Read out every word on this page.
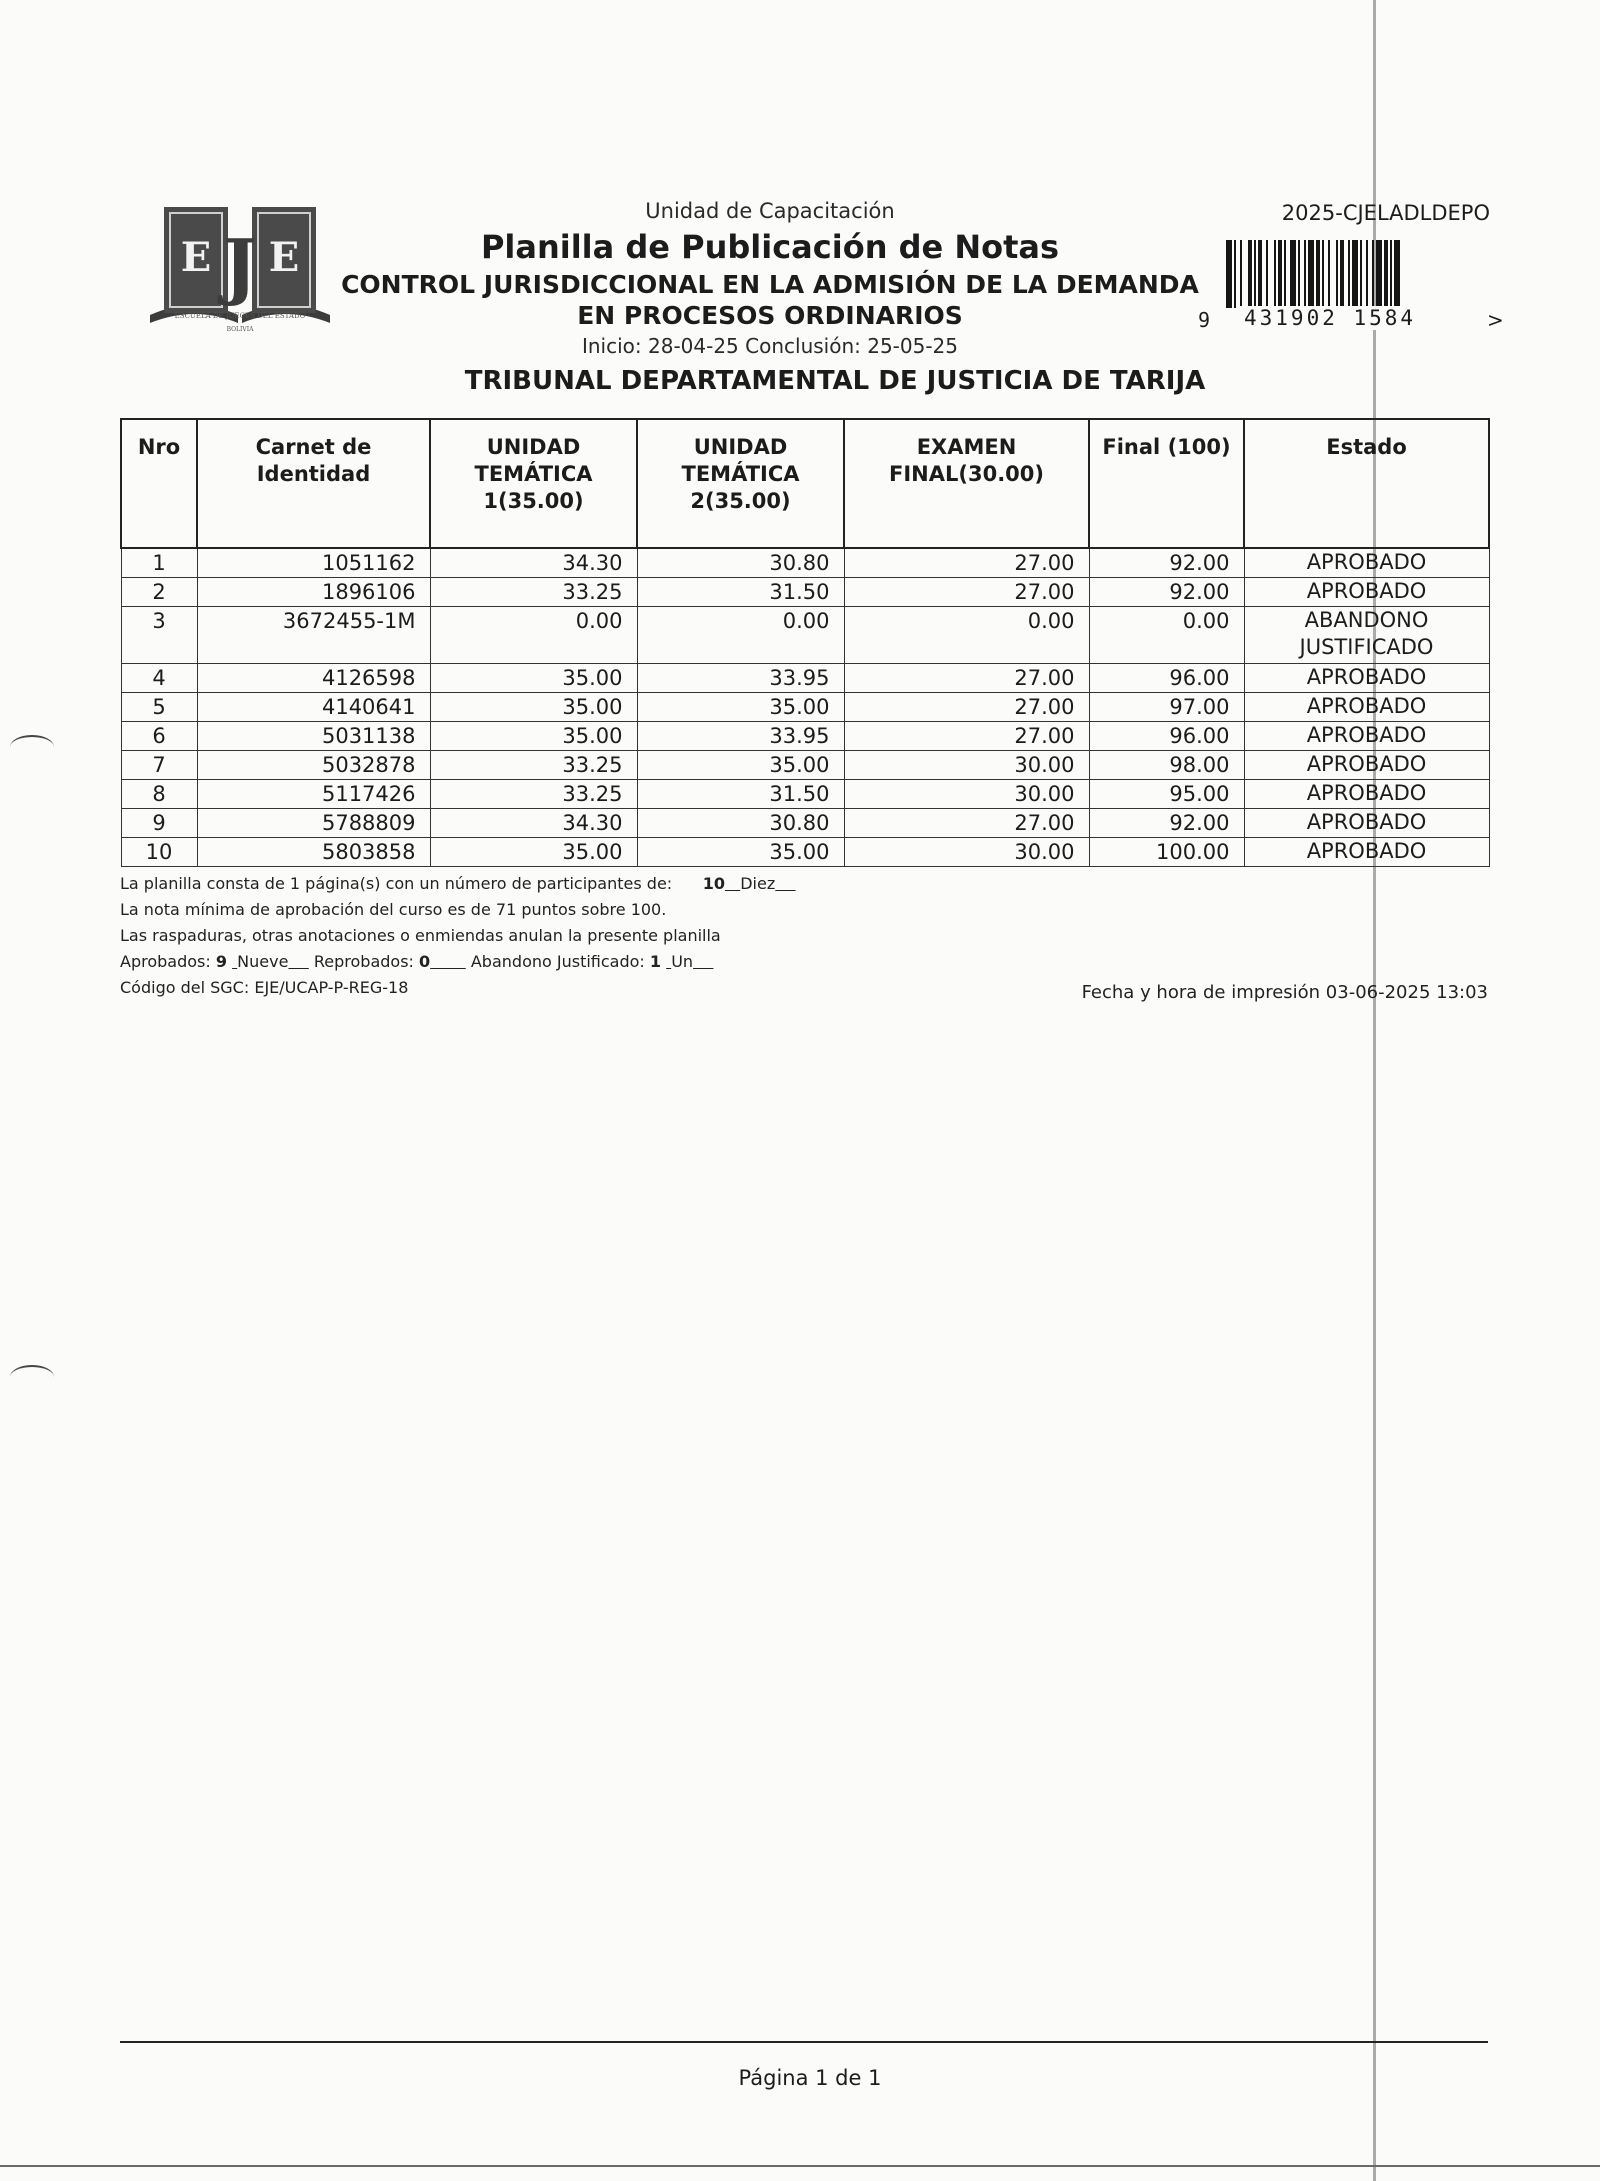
E E
J
ESCUELA DE JUECES DEL ESTADO
BOLIVIA
Unidad de Capacitación
Planilla de Publicación de Notas
CONTROL JURISDICCIONAL EN LA ADMISIÓN DE LA DEMANDA
EN PROCESOS ORDINARIOS
Inicio: 28-04-25 Conclusión: 25-05-25
TRIBUNAL DEPARTAMENTAL DE JUSTICIA DE TARIJA
2025-CJELADLDEPO
9 431902 1584	>
Nro	Carnet de Identidad	UNIDAD TEMÁTICA 1(35.00)	UNIDAD TEMÁTICA 2(35.00)	EXAMEN FINAL(30.00)	Final (100)	Estado
1	1051162	34.30	30.80	27.00	92.00	APROBADO
2	1896106	33.25	31.50	27.00	92.00	APROBADO
3	3672455-1M	0.00	0.00	0.00	0.00	ABANDONO JUSTIFICADO
4	4126598	35.00	33.95	27.00	96.00	APROBADO
5	4140641	35.00	35.00	27.00	97.00	APROBADO
6	5031138	35.00	33.95	27.00	96.00	APROBADO
7	5032878	33.25	35.00	30.00	98.00	APROBADO
8	5117426	33.25	31.50	30.00	95.00	APROBADO
9	5788809	34.30	30.80	27.00	92.00	APROBADO
10	5803858	35.00	35.00	30.00	100.00	APROBADO
La planilla consta de 1 página(s) con un número de participantes de: 10 Diez
La nota mínima de aprobación del curso es de 71 puntos sobre 100.
Las raspaduras, otras anotaciones o enmiendas anulan la presente planilla
Aprobados: 9 Nueve Reprobados: 0	Abandono Justificado: 1 Un
Código del SGC: EJE/UCAP-P-REG-18	Fecha y hora de impresión 03-06-2025 13:03
Página 1 de 1
